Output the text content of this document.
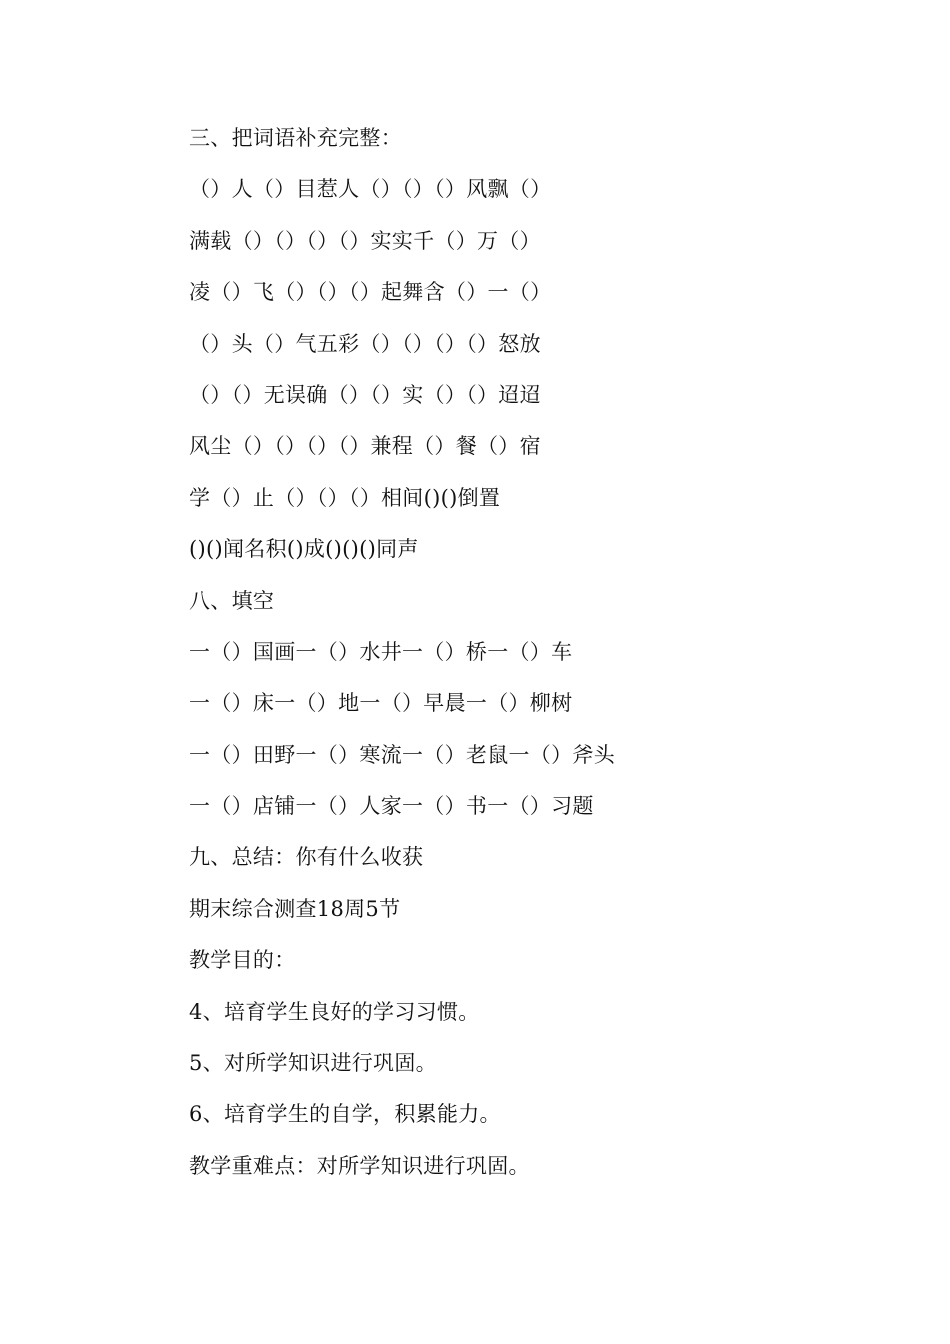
三、把词语补充完整：
（）人（）目惹人（）（）（）风飘（）
满载（）（）（）（）实实千（）万（）
凌（）飞（）（）（）起舞含（）一（）
（）头（）气五彩（）（）（）（）怒放
（）（）无误确（）（）实（）（）迢迢
风尘（）（）（）（）兼程（）餐（）宿
学（）止（）（）（）相间()()倒置
()()闻名积()成()()()同声
八、填空
一（）国画一（）水井一（）桥一（）车
一（）床一（）地一（）早晨一（）柳树
一（）田野一（）寒流一（）老鼠一（）斧头
一（）店铺一（）人家一（）书一（）习题
九、总结：你有什么收获
期末综合测查18周5节
教学目的：
4、培育学生良好的学习习惯。
5、对所学知识进行巩固。
6、培育学生的自学，积累能力。
教学重难点：对所学知识进行巩固。
